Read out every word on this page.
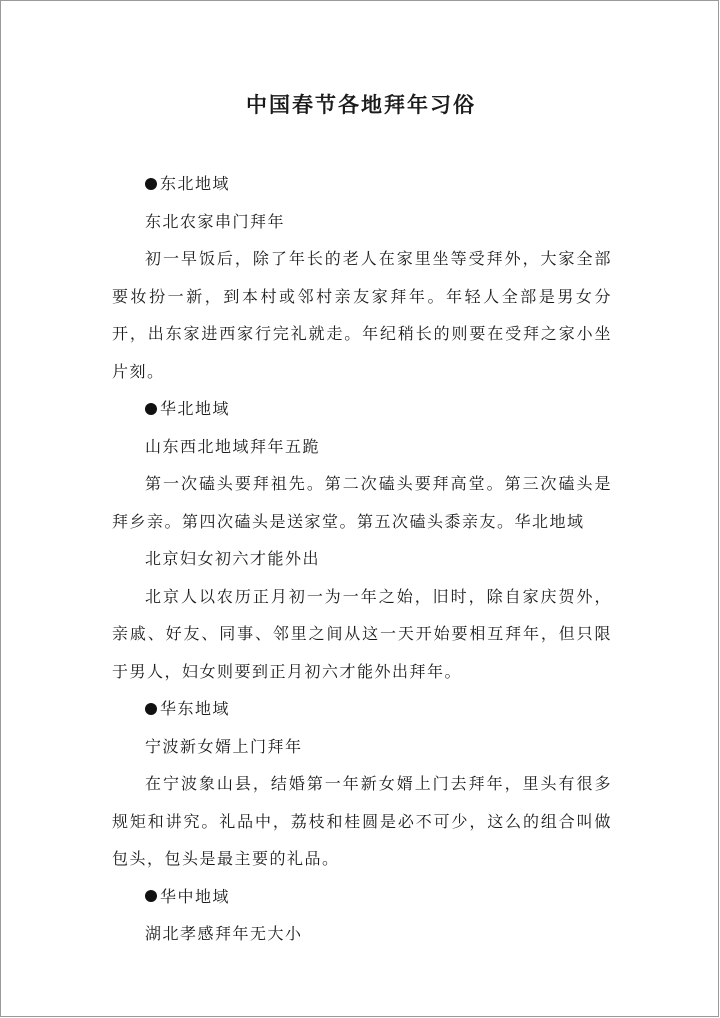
中国春节各地拜年习俗

东北地域

东北农家串门拜年

初一早饭后，除了年长的老人在家里坐等受拜外，大家全部要妆扮一新，到本村或邻村亲友家拜年。年轻人全部是男女分开，出东家进西家行完礼就走。年纪稍长的则要在受拜之家小坐片刻。

华北地域

山东西北地域拜年五跪

第一次磕头要拜祖先。第二次磕头要拜高堂。第三次磕头是拜乡亲。第四次磕头是送家堂。第五次磕头黍亲友。华北地域

北京妇女初六才能外出

北京人以农历正月初一为一年之始，旧时，除自家庆贺外，亲戚、好友、同事、邻里之间从这一天开始要相互拜年，但只限于男人，妇女则要到正月初六才能外出拜年。

华东地域

宁波新女婿上门拜年

在宁波象山县，结婚第一年新女婿上门去拜年，里头有很多规矩和讲究。礼品中，荔枝和桂圆是必不可少，这么的组合叫做包头，包头是最主要的礼品。

华中地域

湖北孝感拜年无大小
